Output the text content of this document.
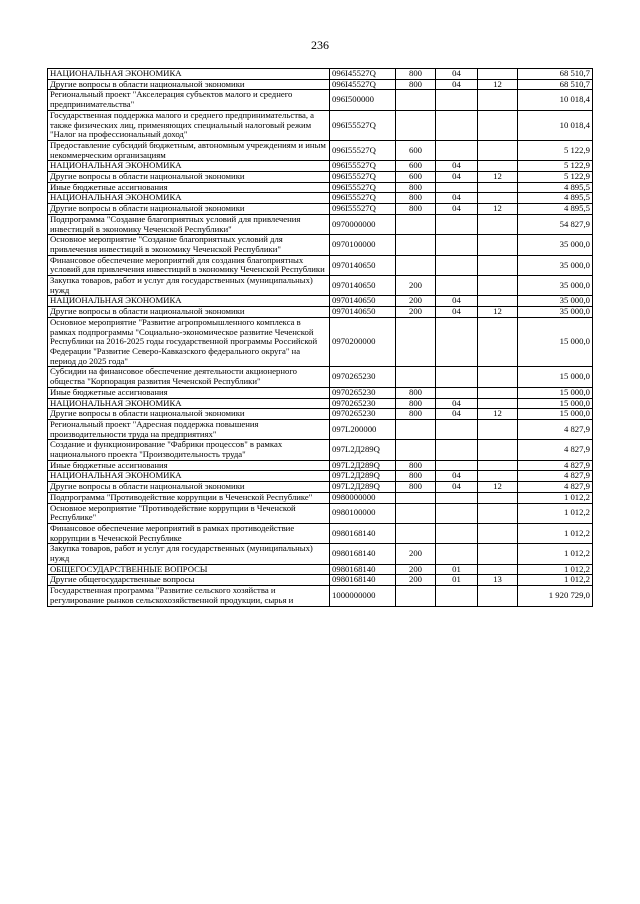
236
НАЦИОНАЛЬНАЯ ЭКОНОМИКА	096I45527Q	800	04		68 510,7
Другие вопросы в области национальной экономики	096I45527Q	800	04	12	68 510,7
Региональный проект "Акселерация субъектов малого и среднего предпринимательства"	096I500000				10 018,4
Государственная поддержка малого и среднего предпринимательства, а также физических лиц, применяющих специальный налоговый режим "Налог на профессиональный доход"	096I55527Q				10 018,4
Предоставление субсидий бюджетным, автономным учреждениям и иным некоммерческим организациям	096I55527Q	600			5 122,9
НАЦИОНАЛЬНАЯ ЭКОНОМИКА	096I55527Q	600	04		5 122,9
Другие вопросы в области национальной экономики	096I55527Q	600	04	12	5 122,9
Иные бюджетные ассигнования	096I55527Q	800			4 895,5
НАЦИОНАЛЬНАЯ ЭКОНОМИКА	096I55527Q	800	04		4 895,5
Другие вопросы в области национальной экономики	096I55527Q	800	04	12	4 895,5
Подпрограмма "Создание благоприятных условий для привлечения инвестиций в экономику Чеченской Республики"	0970000000				54 827,9
Основное мероприятие "Создание благоприятных условий для привлечения инвестиций в экономику Чеченской Республики"	0970100000				35 000,0
Финансовое обеспечение мероприятий для создания благоприятных условий для привлечения инвестиций в экономику Чеченской Республики	0970140650				35 000,0
Закупка товаров, работ и услуг для государственных (муниципальных) нужд	0970140650	200			35 000,0
НАЦИОНАЛЬНАЯ ЭКОНОМИКА	0970140650	200	04		35 000,0
Другие вопросы в области национальной экономики	0970140650	200	04	12	35 000,0
Основное мероприятие "Развитие агропромышленного комплекса в рамках подпрограммы "Социально-экономическое развитие Чеченской Республики на 2016-2025 годы государственной программы Российской Федерации "Развитие Северо-Кавказского федерального округа" на период до 2025 года"	0970200000				15 000,0
Субсидии на финансовое обеспечение деятельности акционерного общества "Корпорация развития Чеченской Республики"	0970265230				15 000,0
Иные бюджетные ассигнования	0970265230	800			15 000,0
НАЦИОНАЛЬНАЯ ЭКОНОМИКА	0970265230	800	04		15 000,0
Другие вопросы в области национальной экономики	0970265230	800	04	12	15 000,0
Региональный проект "Адресная поддержка повышения производительности труда на предприятиях"	097L200000				4 827,9
Создание и функционирование "Фабрики процессов" в рамках национального проекта "Производительность труда"	097L2Д289Q				4 827,9
Иные бюджетные ассигнования	097L2Д289Q	800			4 827,9
НАЦИОНАЛЬНАЯ ЭКОНОМИКА	097L2Д289Q	800	04		4 827,9
Другие вопросы в области национальной экономики	097L2Д289Q	800	04	12	4 827,9
Подпрограмма "Противодействие коррупции в Чеченской Республике"	0980000000				1 012,2
Основное мероприятие "Противодействие коррупции в Чеченской Республике"	0980100000				1 012,2
Финансовое обеспечение мероприятий в рамках противодействие коррупции в Чеченской Республике	0980168140				1 012,2
Закупка товаров, работ и услуг для государственных (муниципальных) нужд	0980168140	200			1 012,2
ОБЩЕГОСУДАРСТВЕННЫЕ ВОПРОСЫ	0980168140	200	01		1 012,2
Другие общегосударственные вопросы	0980168140	200	01	13	1 012,2
Государственная программа "Развитие сельского хозяйства и регулирование рынков сельскохозяйственной продукции, сырья и	1000000000				1 920 729,0
